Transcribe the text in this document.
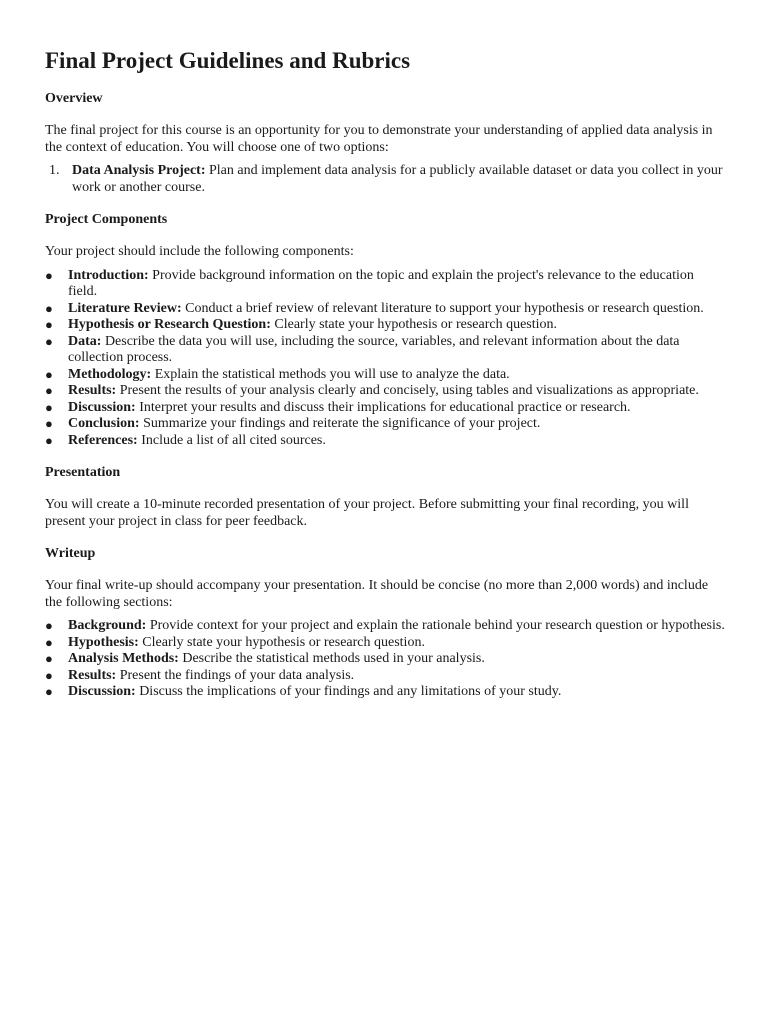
Final Project Guidelines and Rubrics
Overview

The final project for this course is an opportunity for you to demonstrate your understanding of applied data analysis in the context of education. You will choose one of two options:

1. Data Analysis Project: Plan and implement data analysis for a publicly available dataset or data you collect in your work or another course.
Project Components

Your project should include the following components:

● Introduction: Provide background information on the topic and explain the project's relevance to the education field.
● Literature Review: Conduct a brief review of relevant literature to support your hypothesis or research question.
● Hypothesis or Research Question: Clearly state your hypothesis or research question.
● Data: Describe the data you will use, including the source, variables, and relevant information about the data collection process.
● Methodology: Explain the statistical methods you will use to analyze the data.
● Results: Present the results of your analysis clearly and concisely, using tables and visualizations as appropriate.
● Discussion: Interpret your results and discuss their implications for educational practice or research.
● Conclusion: Summarize your findings and reiterate the significance of your project.
● References: Include a list of all cited sources.
Presentation

You will create a 10-minute recorded presentation of your project. Before submitting your final recording, you will present your project in class for peer feedback.

Writeup

Your final write-up should accompany your presentation. It should be concise (no more than 2,000 words) and include the following sections:

● Background: Provide context for your project and explain the rationale behind your research question or hypothesis.
● Hypothesis: Clearly state your hypothesis or research question.
● Analysis Methods: Describe the statistical methods used in your analysis.
● Results: Present the findings of your data analysis.
● Discussion: Discuss the implications of your findings and any limitations of your study.
